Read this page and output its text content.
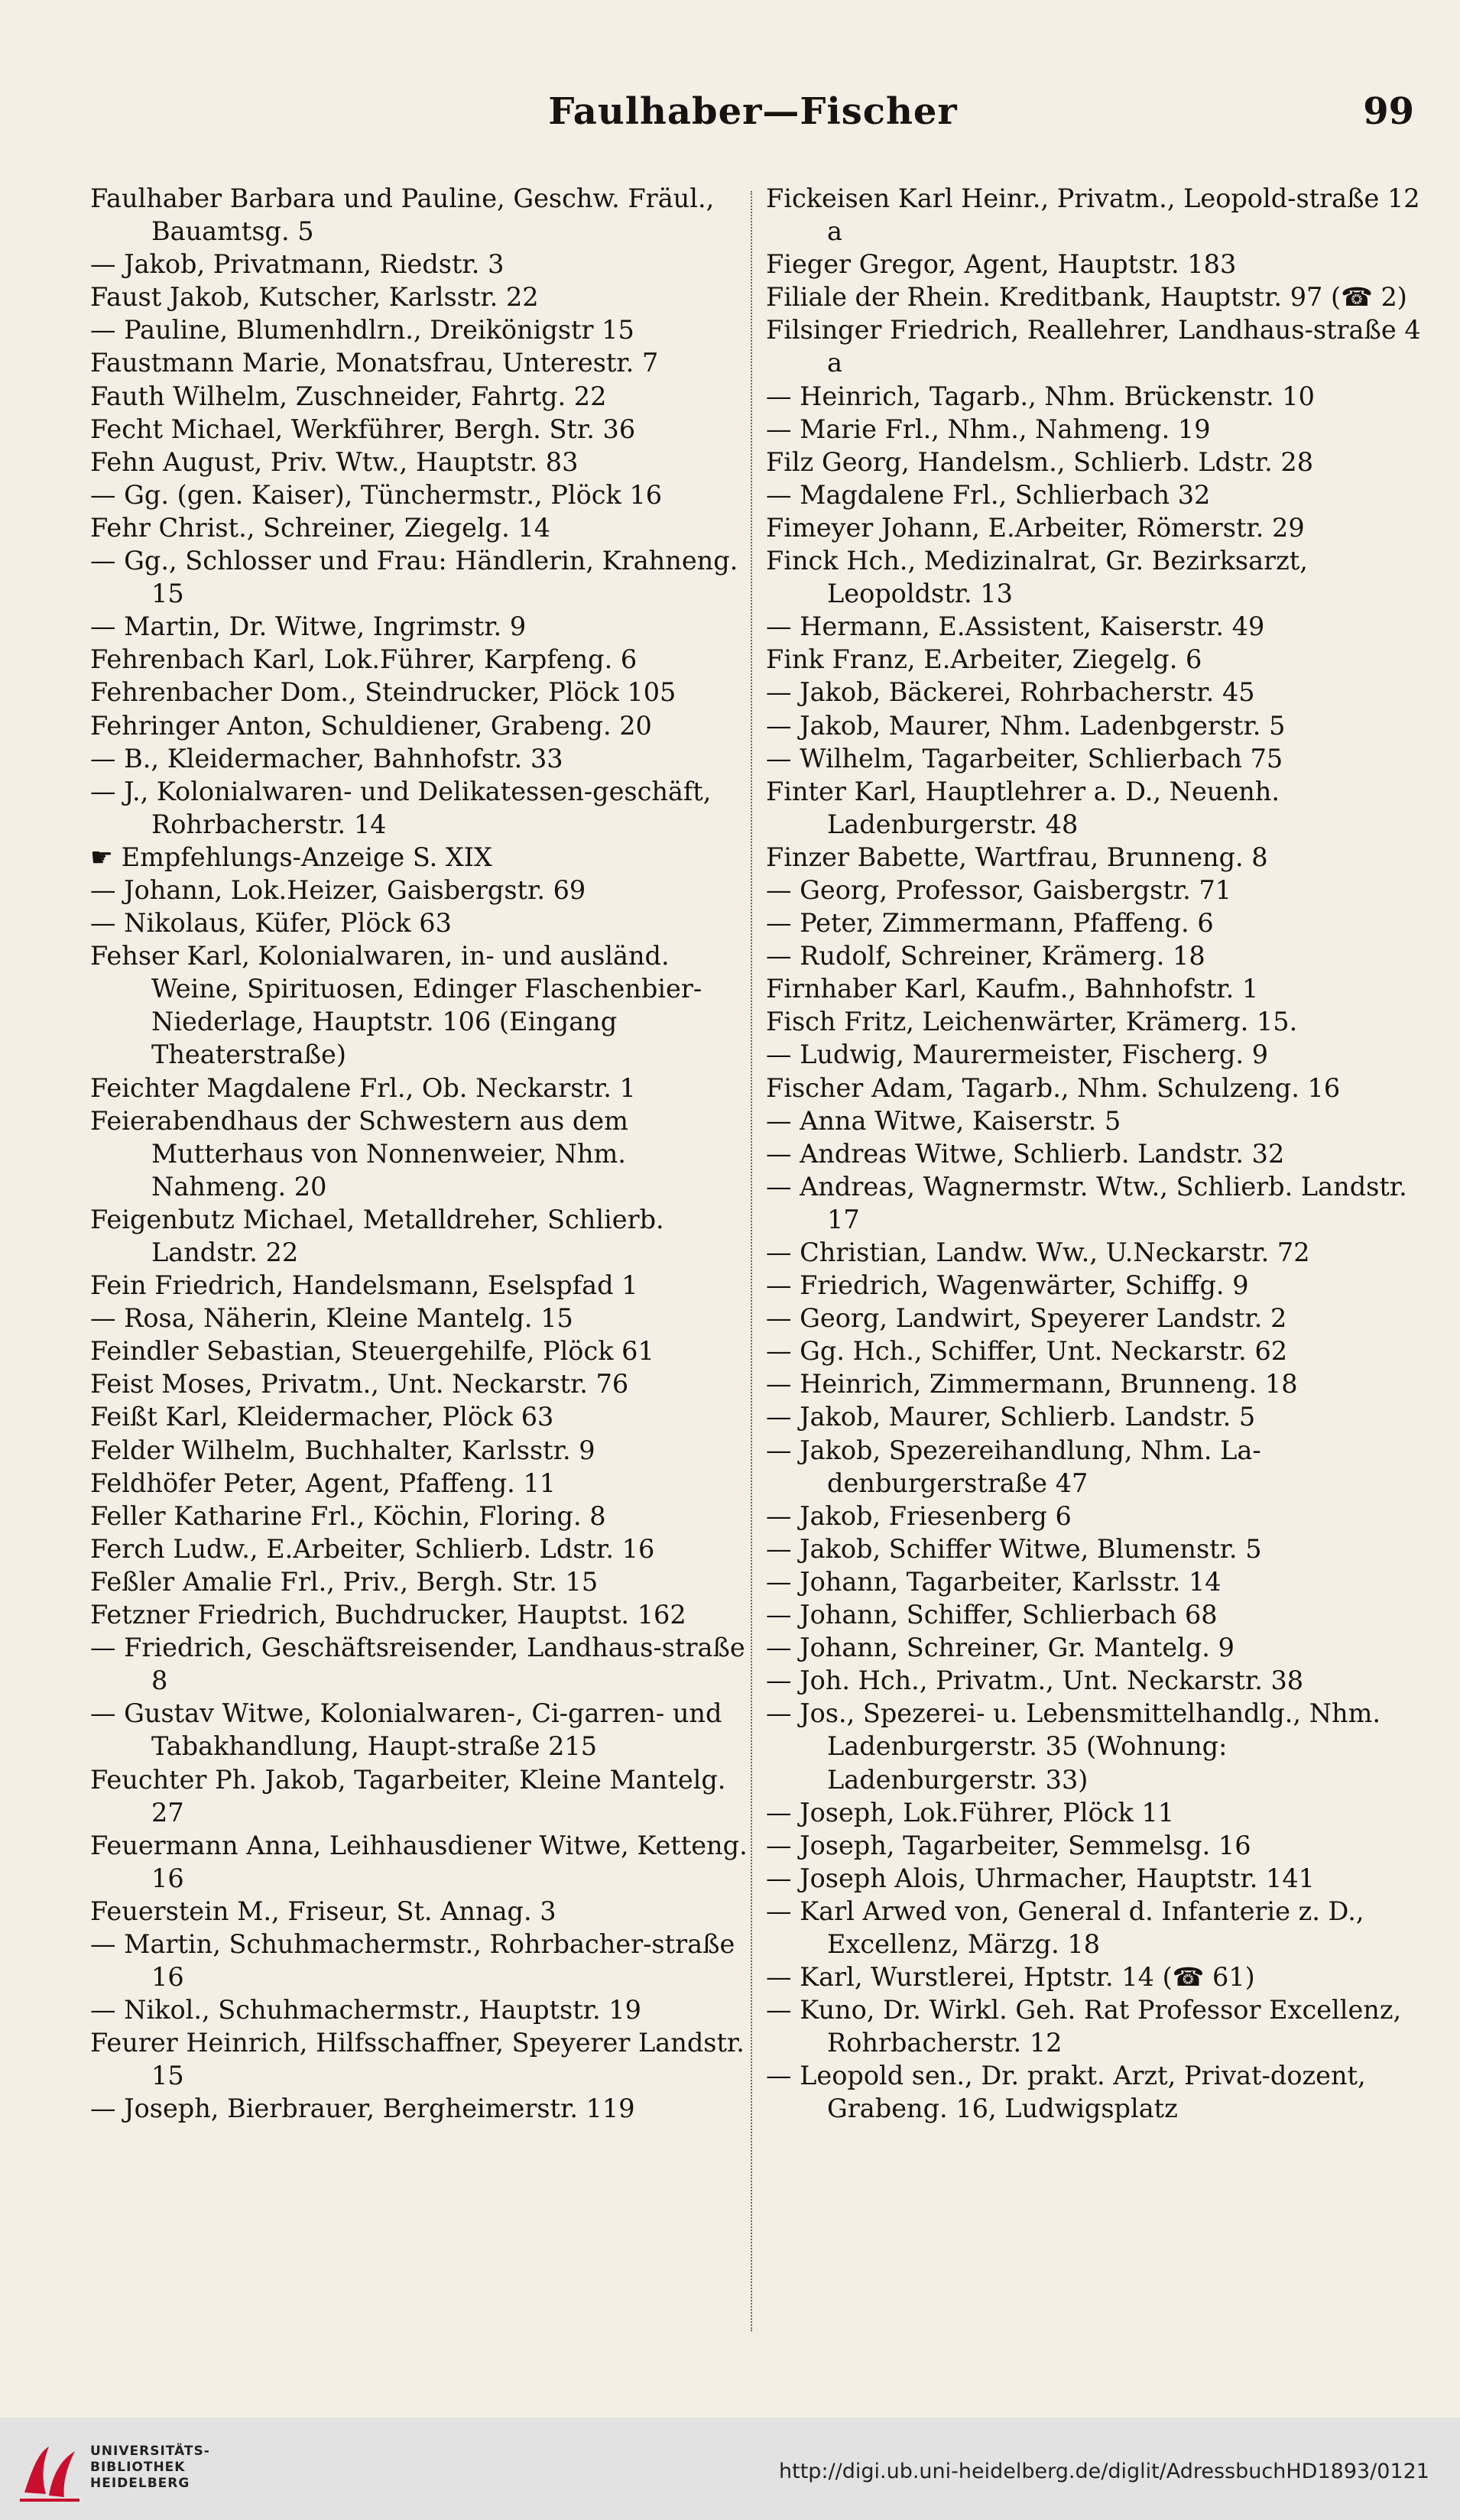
Faulhaber—Fischer	99
Faulhaber Barbara und Pauline, Geschw. Fräul., Bauamtsg. 5
— Jakob, Privatmann, Riedstr. 3
Faust Jakob, Kutscher, Karlsstr. 22
— Pauline, Blumenhdlrn., Dreikönigstr 15
Faustmann Marie, Monatsfrau, Unterestr. 7
Fauth Wilhelm, Zuschneider, Fahrtg. 22
Fecht Michael, Werkführer, Bergh. Str. 36
Fehn August, Priv. Wtw., Hauptstr. 83
— Gg. (gen. Kaiser), Tünchermstr., Plöck 16
Fehr Christ., Schreiner, Ziegelg. 14
— Gg., Schlosser und Frau: Händlerin, Krahneng. 15
— Martin, Dr. Witwe, Ingrimstr. 9
Fehrenbach Karl, Lok.Führer, Karpfeng. 6
Fehrenbacher Dom., Steindrucker, Plöck 105
Fehringer Anton, Schuldiener, Grabeng. 20
— B., Kleidermacher, Bahnhofstr. 33
— J., Kolonialwaren- und Delikatessen-geschäft, Rohrbacherstr. 14
☛ Empfehlungs-Anzeige S. XIX
— Johann, Lok.Heizer, Gaisbergstr. 69
— Nikolaus, Küfer, Plöck 63
Fehser Karl, Kolonialwaren, in- und ausländ. Weine, Spirituosen, Edinger Flaschenbier-Niederlage, Hauptstr. 106 (Eingang Theaterstraße)
Feichter Magdalene Frl., Ob. Neckarstr. 1
Feierabendhaus der Schwestern aus dem Mutterhaus von Nonnenweier, Nhm. Nahmeng. 20
Feigenbutz Michael, Metalldreher, Schlierb. Landstr. 22
Fein Friedrich, Handelsmann, Eselspfad 1
— Rosa, Näherin, Kleine Mantelg. 15
Feindler Sebastian, Steuergehilfe, Plöck 61
Feist Moses, Privatm., Unt. Neckarstr. 76
Feißt Karl, Kleidermacher, Plöck 63
Felder Wilhelm, Buchhalter, Karlsstr. 9
Feldhöfer Peter, Agent, Pfaffeng. 11
Feller Katharine Frl., Köchin, Floring. 8
Ferch Ludw., E.Arbeiter, Schlierb. Ldstr. 16
Feßler Amalie Frl., Priv., Bergh. Str. 15
Fetzner Friedrich, Buchdrucker, Hauptst. 162
— Friedrich, Geschäftsreisender, Landhaus-straße 8
— Gustav Witwe, Kolonialwaren-, Ci-garren- und Tabakhandlung, Haupt-straße 215
Feuchter Ph. Jakob, Tagarbeiter, Kleine Mantelg. 27
Feuermann Anna, Leihhausdiener Witwe, Ketteng. 16
Feuerstein M., Friseur, St. Annag. 3
— Martin, Schuhmachermstr., Rohrbacher-straße 16
— Nikol., Schuhmachermstr., Hauptstr. 19
Feurer Heinrich, Hilfsschaffner, Speyerer Landstr. 15
— Joseph, Bierbrauer, Bergheimerstr. 119
Fickeisen Karl Heinr., Privatm., Leopold-straße 12 a
Fieger Gregor, Agent, Hauptstr. 183
Filiale der Rhein. Kreditbank, Hauptstr. 97 (☎ 2)
Filsinger Friedrich, Reallehrer, Landhaus-straße 4 a
— Heinrich, Tagarb., Nhm. Brückenstr. 10
— Marie Frl., Nhm., Nahmeng. 19
Filz Georg, Handelsm., Schlierb. Ldstr. 28
— Magdalene Frl., Schlierbach 32
Fimeyer Johann, E.Arbeiter, Römerstr. 29
Finck Hch., Medizinalrat, Gr. Bezirksarzt, Leopoldstr. 13
— Hermann, E.Assistent, Kaiserstr. 49
Fink Franz, E.Arbeiter, Ziegelg. 6
— Jakob, Bäckerei, Rohrbacherstr. 45
— Jakob, Maurer, Nhm. Ladenbgerstr. 5
— Wilhelm, Tagarbeiter, Schlierbach 75
Finter Karl, Hauptlehrer a. D., Neuenh. Ladenburgerstr. 48
Finzer Babette, Wartfrau, Brunneng. 8
— Georg, Professor, Gaisbergstr. 71
— Peter, Zimmermann, Pfaffeng. 6
— Rudolf, Schreiner, Krämerg. 18
Firnhaber Karl, Kaufm., Bahnhofstr. 1
Fisch Fritz, Leichenwärter, Krämerg. 15.
— Ludwig, Maurermeister, Fischerg. 9
Fischer Adam, Tagarb., Nhm. Schulzeng. 16
— Anna Witwe, Kaiserstr. 5
— Andreas Witwe, Schlierb. Landstr. 32
— Andreas, Wagnermstr. Wtw., Schlierb. Landstr. 17
— Christian, Landw. Ww., U.Neckarstr. 72
— Friedrich, Wagenwärter, Schiffg. 9
— Georg, Landwirt, Speyerer Landstr. 2
— Gg. Hch., Schiffer, Unt. Neckarstr. 62
— Heinrich, Zimmermann, Brunneng. 18
— Jakob, Maurer, Schlierb. Landstr. 5
— Jakob, Spezereihandlung, Nhm. La-denburgerstraße 47
— Jakob, Friesenberg 6
— Jakob, Schiffer Witwe, Blumenstr. 5
— Johann, Tagarbeiter, Karlsstr. 14
— Johann, Schiffer, Schlierbach 68
— Johann, Schreiner, Gr. Mantelg. 9
— Joh. Hch., Privatm., Unt. Neckarstr. 38
— Jos., Spezerei- u. Lebensmittelhandlg., Nhm. Ladenburgerstr. 35 (Wohnung: Ladenburgerstr. 33)
— Joseph, Lok.Führer, Plöck 11
— Joseph, Tagarbeiter, Semmelsg. 16
— Joseph Alois, Uhrmacher, Hauptstr. 141
— Karl Arwed von, General d. Infanterie z. D., Excellenz, Märzg. 18
— Karl, Wurstlerei, Hptstr. 14 (☎ 61)
— Kuno, Dr. Wirkl. Geh. Rat Professor Excellenz, Rohrbacherstr. 12
— Leopold sen., Dr. prakt. Arzt, Privat-dozent, Grabeng. 16, Ludwigsplatz
UNIVERSITÄTS-
BIBLIOTHEK
HEIDELBERG	http://digi.ub.uni-heidelberg.de/diglit/AdressbuchHD1893/0121
